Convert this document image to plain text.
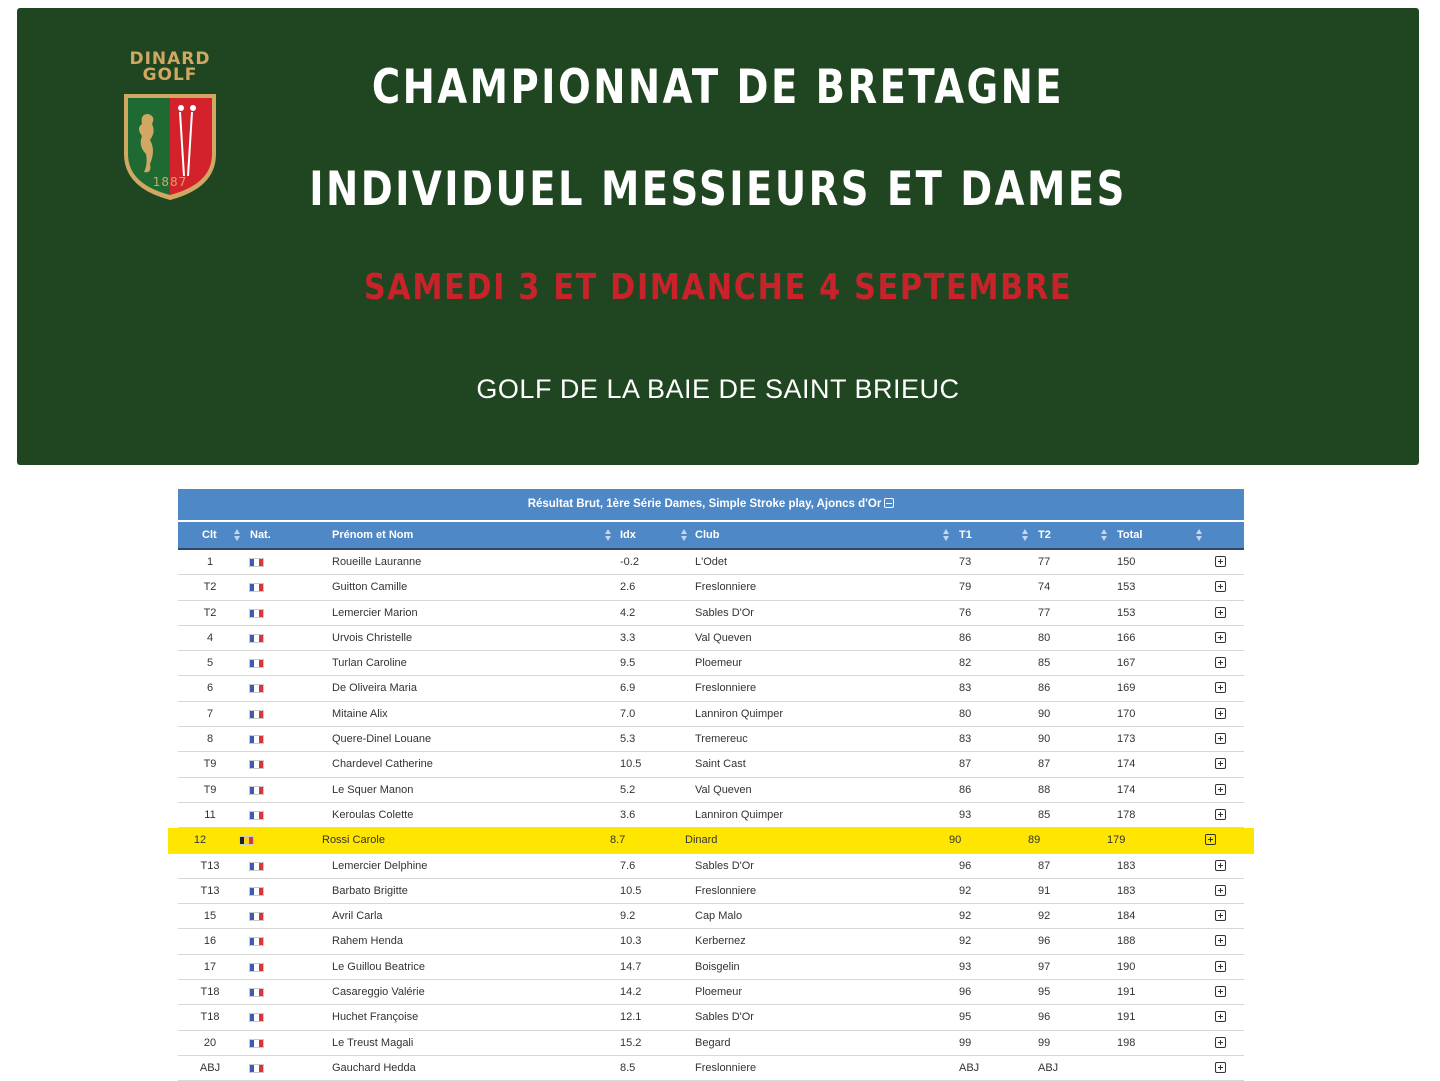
DINARD
GOLF
1887
CHAMPIONNAT DE BRETAGNE
INDIVIDUEL MESSIEURS ET DAMES
SAMEDI 3 ET DIMANCHE 4 SEPTEMBRE
GOLF DE LA BAIE DE SAINT BRIEUC
Résultat Brut, 1ère Série Dames, Simple Stroke play, Ajoncs d'Or
Clt	Nat.	Prénom et Nom	Idx	Club	T1	T2	Total
1	Roueille Lauranne	-0.2	L'Odet	73	77	150
T2	Guitton Camille	2.6	Freslonniere	79	74	153
T2	Lemercier Marion	4.2	Sables D'Or	76	77	153
4	Urvois Christelle	3.3	Val Queven	86	80	166
5	Turlan Caroline	9.5	Ploemeur	82	85	167
6	De Oliveira Maria	6.9	Freslonniere	83	86	169
7	Mitaine Alix	7.0	Lanniron Quimper	80	90	170
8	Quere-Dinel Louane	5.3	Tremereuc	83	90	173
T9	Chardevel Catherine	10.5	Saint Cast	87	87	174
T9	Le Squer Manon	5.2	Val Queven	86	88	174
11	Keroulas Colette	3.6	Lanniron Quimper	93	85	178
12	Rossi Carole	8.7	Dinard	90	89	179
T13	Lemercier Delphine	7.6	Sables D'Or	96	87	183
T13	Barbato Brigitte	10.5	Freslonniere	92	91	183
15	Avril Carla	9.2	Cap Malo	92	92	184
16	Rahem Henda	10.3	Kerbernez	92	96	188
17	Le Guillou Beatrice	14.7	Boisgelin	93	97	190
T18	Casareggio Valérie	14.2	Ploemeur	96	95	191
T18	Huchet Françoise	12.1	Sables D'Or	95	96	191
20	Le Treust Magali	15.2	Begard	99	99	198
ABJ	Gauchard Hedda	8.5	Freslonniere	ABJ	ABJ
